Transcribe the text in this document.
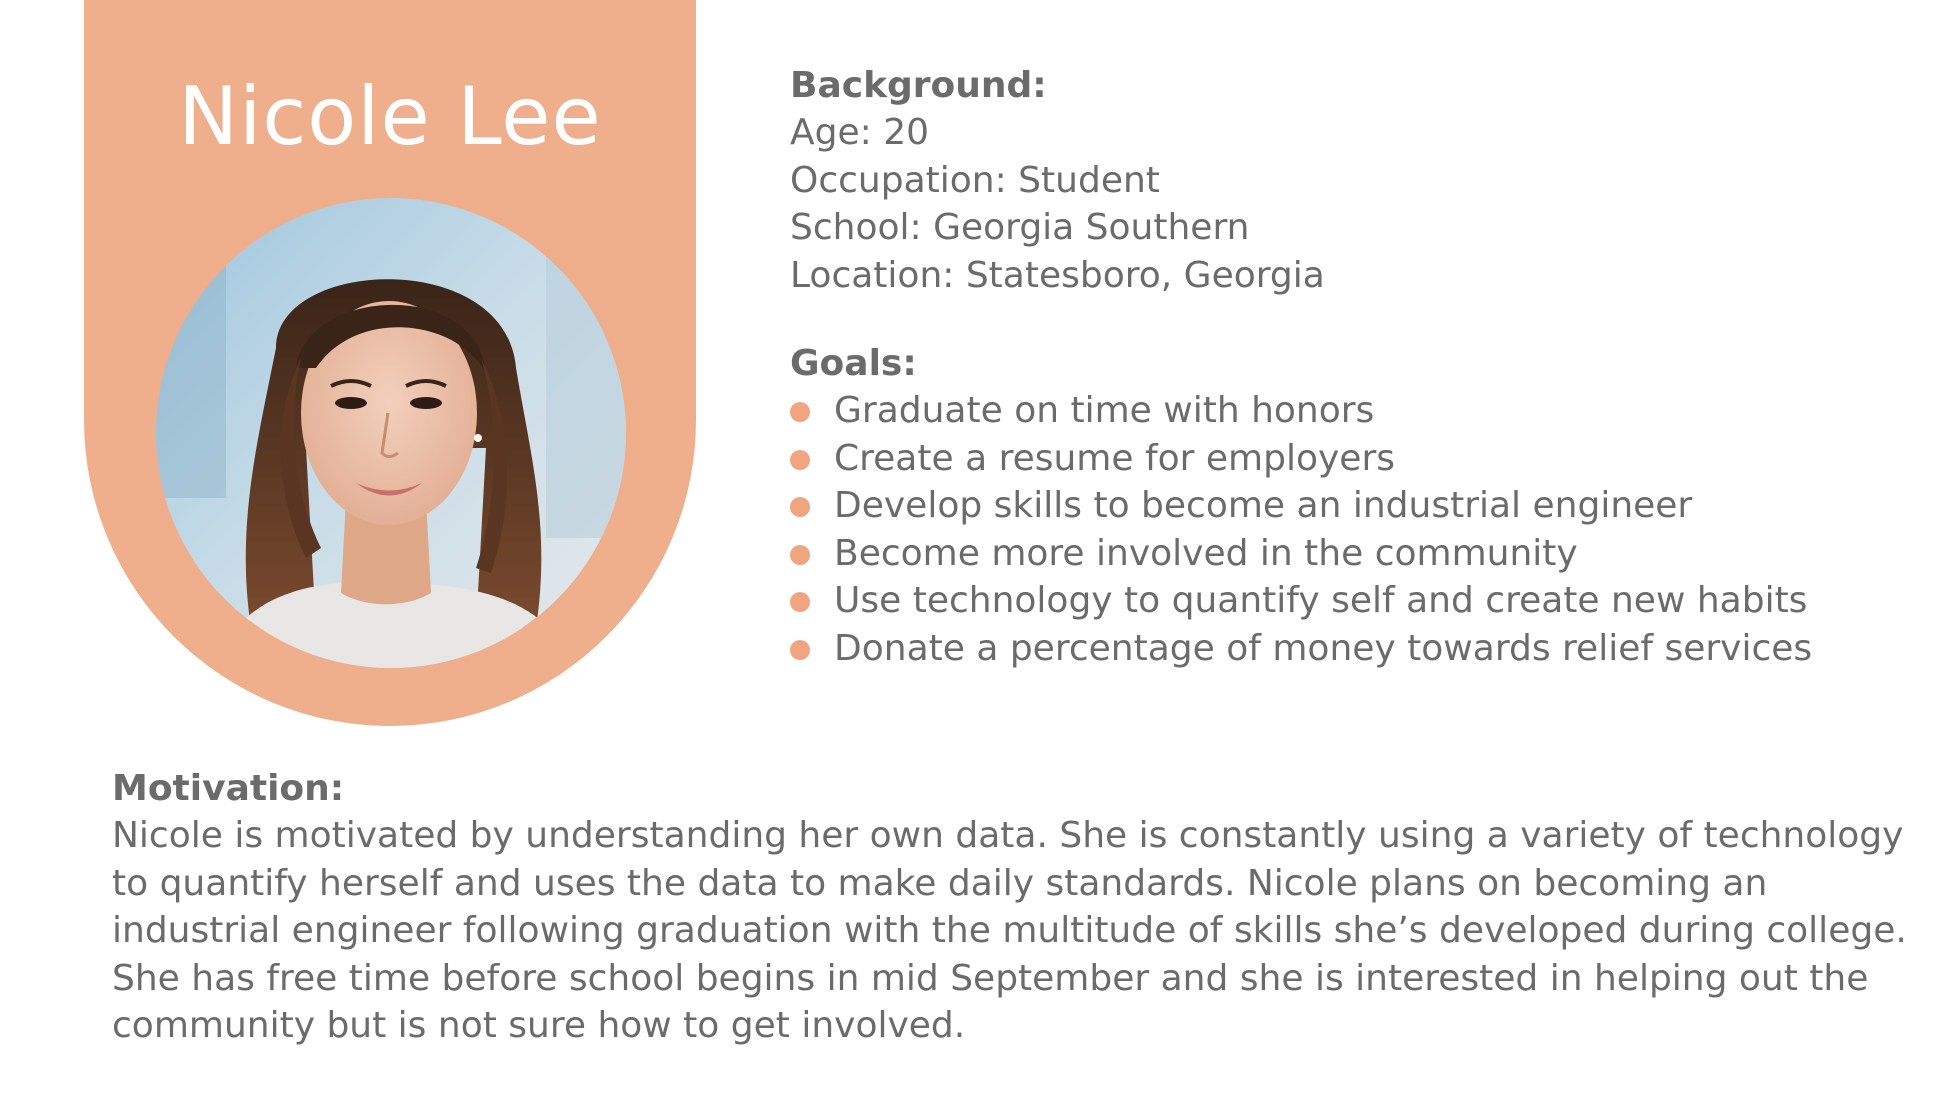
Nicole Lee	Background:

Age: 20

Occupation: Student

School: Georgia Southern

Location: Statesboro, Georgia

Goals:

Graduate on time with honors
Create a resume for employers
Develop skills to become an industrial engineer
Become more involved in the community
Use technology to quantify self and create new habits
Donate a percentage of money towards relief services

Motivation:

Nicole is motivated by understanding her own data. She is constantly using a variety of technology
to quantify herself and uses the data to make daily standards. Nicole plans on becoming an
industrial engineer following graduation with the multitude of skills she’s developed during college.
She has free time before school begins in mid September and she is interested in helping out the
community but is not sure how to get involved.
